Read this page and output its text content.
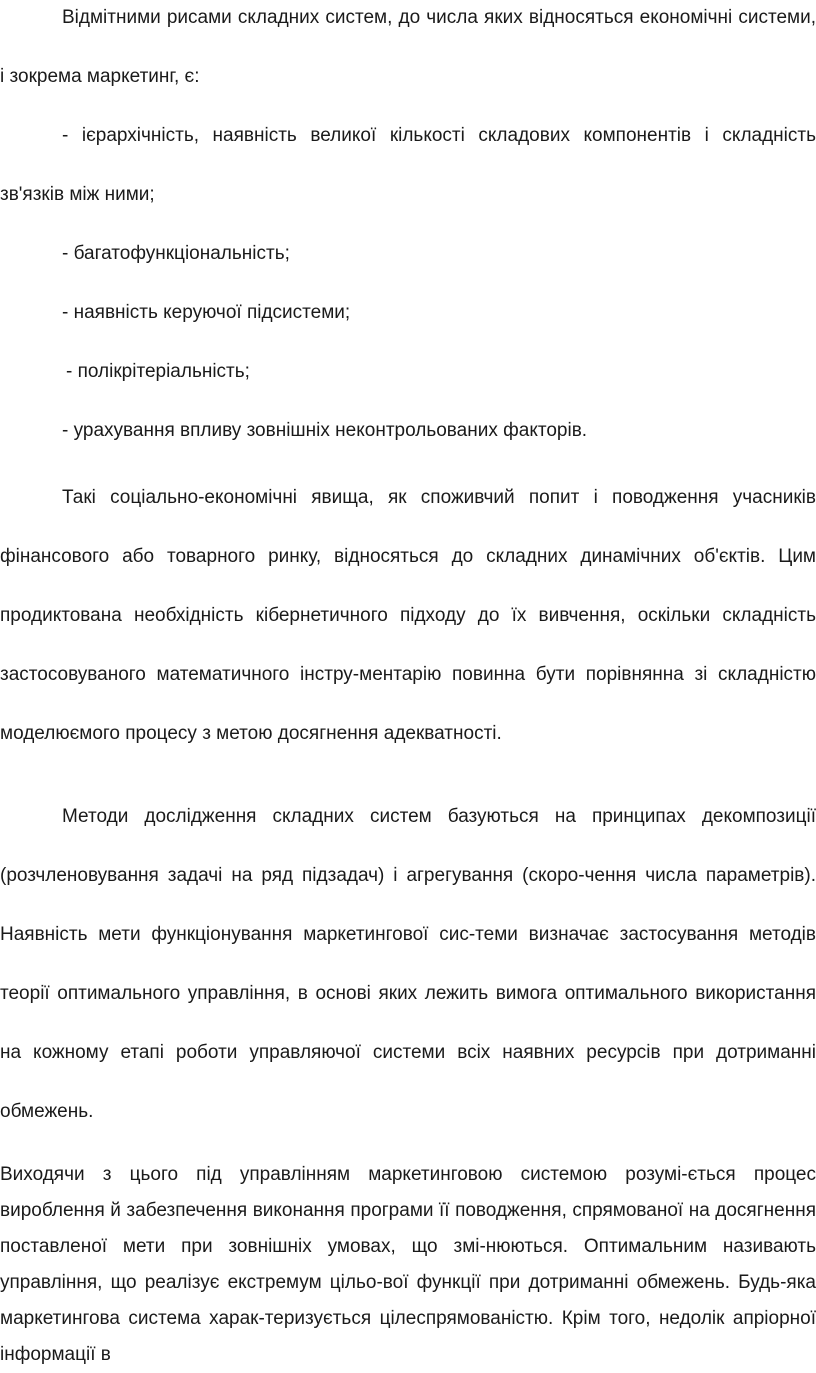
Відмітними рисами складних систем, до числа яких відносяться економічні системи, і зокрема маркетинг, є:

- ієрархічність, наявність великої кількості складових компонентів і складність зв'язків між ними;

- багатофункціональність;

- наявність керуючої підсистеми;

- полікрітеріальність;

- урахування впливу зовнішніх неконтрольованих факторів.

Такі соціально-економічні явища, як споживчий попит і поводження учасників фінансового або товарного ринку, відносяться до складних динамічних об'єктів. Цим продиктована необхідність кібернетичного підходу до їх вивчення, оскільки складність застосовуваного математичного інстру-ментарію повинна бути порівнянна зі складністю моделюємого процесу з метою досягнення адекватності.

Методи дослідження складних систем базуються на принципах декомпозиції (розчленовування задачі на ряд підзадач) і агрегування (скоро-чення числа параметрів). Наявність мети функціонування маркетингової сис-теми визначає застосування методів теорії оптимального управління, в основі яких лежить вимога оптимального використання на кожному етапі роботи управляючої системи всіх наявних ресурсів при дотриманні обмежень.

Виходячи з цього під управлінням маркетинговою системою розумі-ється процес вироблення й забезпечення виконання програми її поводження, спрямованої на досягнення поставленої мети при зовнішніх умовах, що змі-нюються. Оптимальним називають управління, що реалізує екстремум цільо-вої функції при дотриманні обмежень. Будь-яка маркетингова система харак-теризується цілеспрямованістю. Крім того, недолік апріорної інформації в
